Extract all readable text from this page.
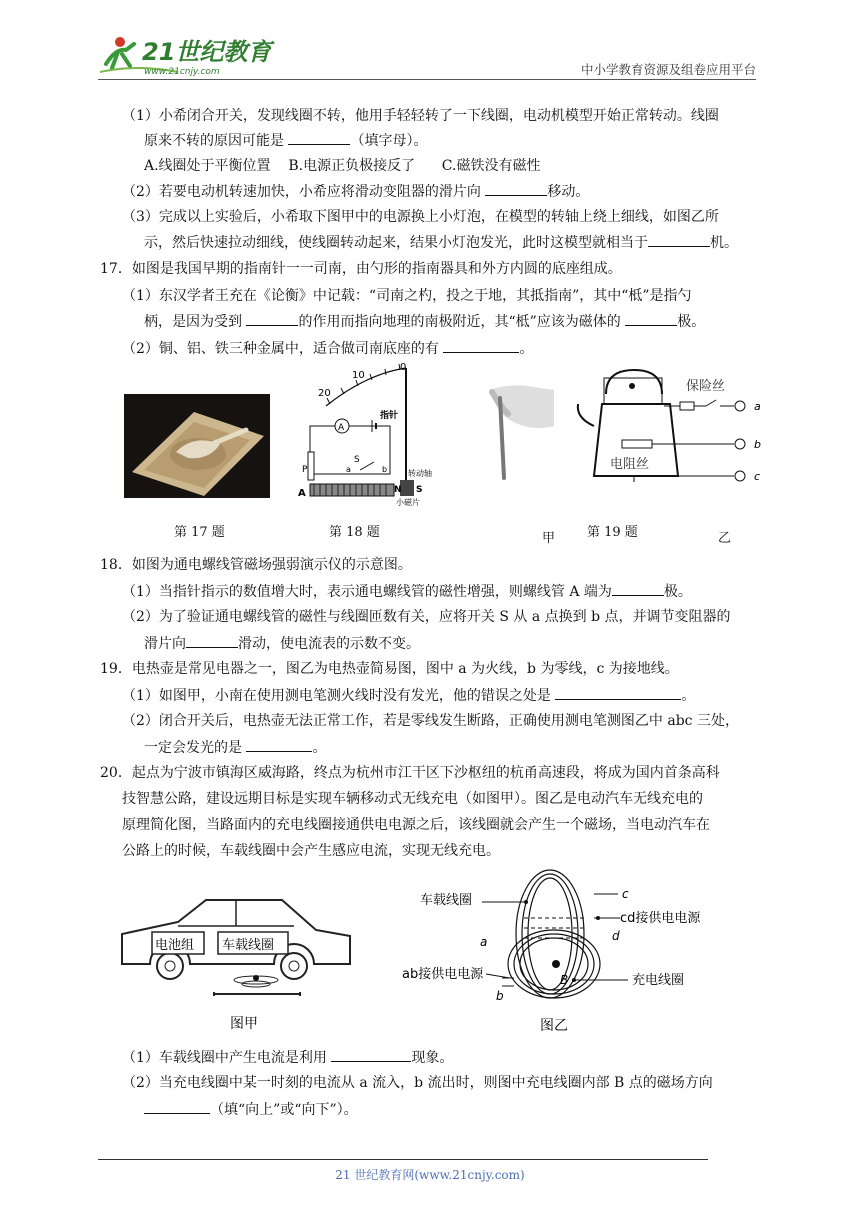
21世纪教育
www.21cnjy.com	中小学教育资源及组卷应用平台
（1）小希闭合开关，发现线圈不转，他用手轻轻转了一下线圈，电动机模型开始正常转动。线圈
原来不转的原因可能是	（填字母）。
A.线圈处于平衡位置    B.电源正负极接反了      C.磁铁没有磁性
（2）若要电动机转速加快，小希应将滑动变阻器的滑片向	移动。
（3）完成以上实验后，小希取下图甲中的电源换上小灯泡，在模型的转轴上绕上细线，如图乙所
示，然后快速拉动细线，使线圈转动起来，结果小灯泡发光，此时这模型就相当于	机。
17．如图是我国早期的指南针一一司南，由勺形的指南器具和外方内圆的底座组成。
（1）东汉学者王充在《论衡》中记载：“司南之杓，投之于地，其抵指南”，其中“柢”是指勺
柄，是因为受到	的作用而指向地理的南极附近，其“柢”应该为磁体的	极。
（2）铜、铝、铁三种金属中，适合做司南底座的有	。
第 17 题
20
10
0
指针
A
S
a	b
P
A	N S
转动轴
小磁片
第 18 题	甲
保险丝
电阻丝
a
b
c
第 19 题	乙
18．如图为通电螺线管磁场强弱演示仪的示意图。
（1）当指针指示的数值增大时，表示通电螺线管的磁性增强，则螺线管 A 端为	极。
（2）为了验证通电螺线管的磁性与线圈匝数有关，应将开关 S 从 a 点换到 b 点，并调节变阻器的
滑片向	滑动，使电流表的示数不变。
19．电热壶是常见电器之一，图乙为电热壶简易图，图中 a 为火线，b 为零线，c 为接地线。
（1）如图甲，小南在使用测电笔测火线时没有发光，他的错误之处是	。
（2）闭合开关后，电热壶无法正常工作，若是零线发生断路，正确使用测电笔测图乙中 abc 三处，
一定会发光的是	。
20．起点为宁波市镇海区威海路，终点为杭州市江干区下沙枢纽的杭甬高速段，将成为国内首条高科
技智慧公路，建设远期目标是实现车辆移动式无线充电（如图甲）。图乙是电动汽车无线充电的
原理简化图，当路面内的充电线圈接通供电电源之后，该线圈就会产生一个磁场，当电动汽车在
公路上的时候，车载线圈中会产生感应电流，实现无线充电。
电池组 车载线圈
图甲
车载线圈	c
cd接供电电源
d
a
ab接供电电源
b
B	充电线圈
图乙
（1）车载线圈中产生电流是利用	现象。
（2）当充电线圈中某一时刻的电流从 a 流入，b 流出时，则图中充电线圈内部 B 点的磁场方向
（填“向上”或“向下”）。
21 世纪教育网(www.21cnjy.com)
